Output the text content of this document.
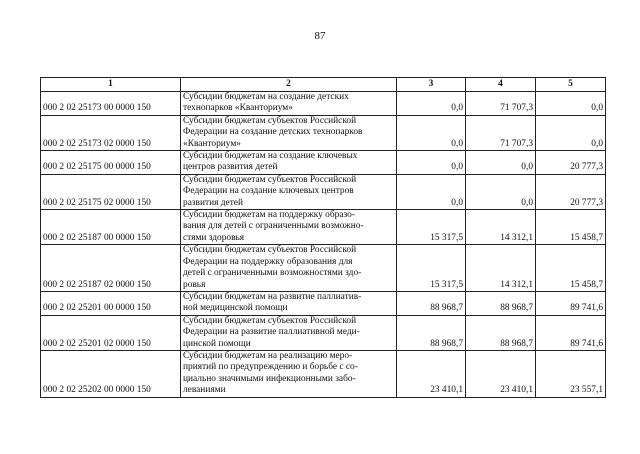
87
1	2	3	4	5
000 2 02 25173 00 0000 150	Субсидии бюджетам на создание детских
технопарков «Кванториум»	0,0	71 707,3	0,0
000 2 02 25173 02 0000 150	Субсидии бюджетам субъектов Российской
Федерации на создание детских технопарков
«Кванториум»	0,0	71 707,3	0,0
000 2 02 25175 00 0000 150	Субсидии бюджетам на создание ключевых
центров развития детей	0,0	0,0	20 777,3
000 2 02 25175 02 0000 150	Субсидии бюджетам субъектов Российской
Федерации на создание ключевых центров
развития детей	0,0	0,0	20 777,3
000 2 02 25187 00 0000 150	Субсидии бюджетам на поддержку образо-
вания для детей с ограниченными возможно-
стями здоровья	15 317,5	14 312,1	15 458,7
000 2 02 25187 02 0000 150	Субсидии бюджетам субъектов Российской
Федерации на поддержку образования для
детей с ограниченными возможностями здо-
ровья	15 317,5	14 312,1	15 458,7
000 2 02 25201 00 0000 150	Субсидии бюджетам на развитие паллиатив-
ной медицинской помощи	88 968,7	88 968,7	89 741,6
000 2 02 25201 02 0000 150	Субсидии бюджетам субъектов Российской
Федерации на развитие паллиативной меди-
цинской помощи	88 968,7	88 968,7	89 741,6
000 2 02 25202 00 0000 150	Субсидии бюджетам на реализацию меро-
приятий по предупреждению и борьбе с со-
циально значимыми инфекционными забо-
леваниями	23 410,1	23 410,1	23 557,1
